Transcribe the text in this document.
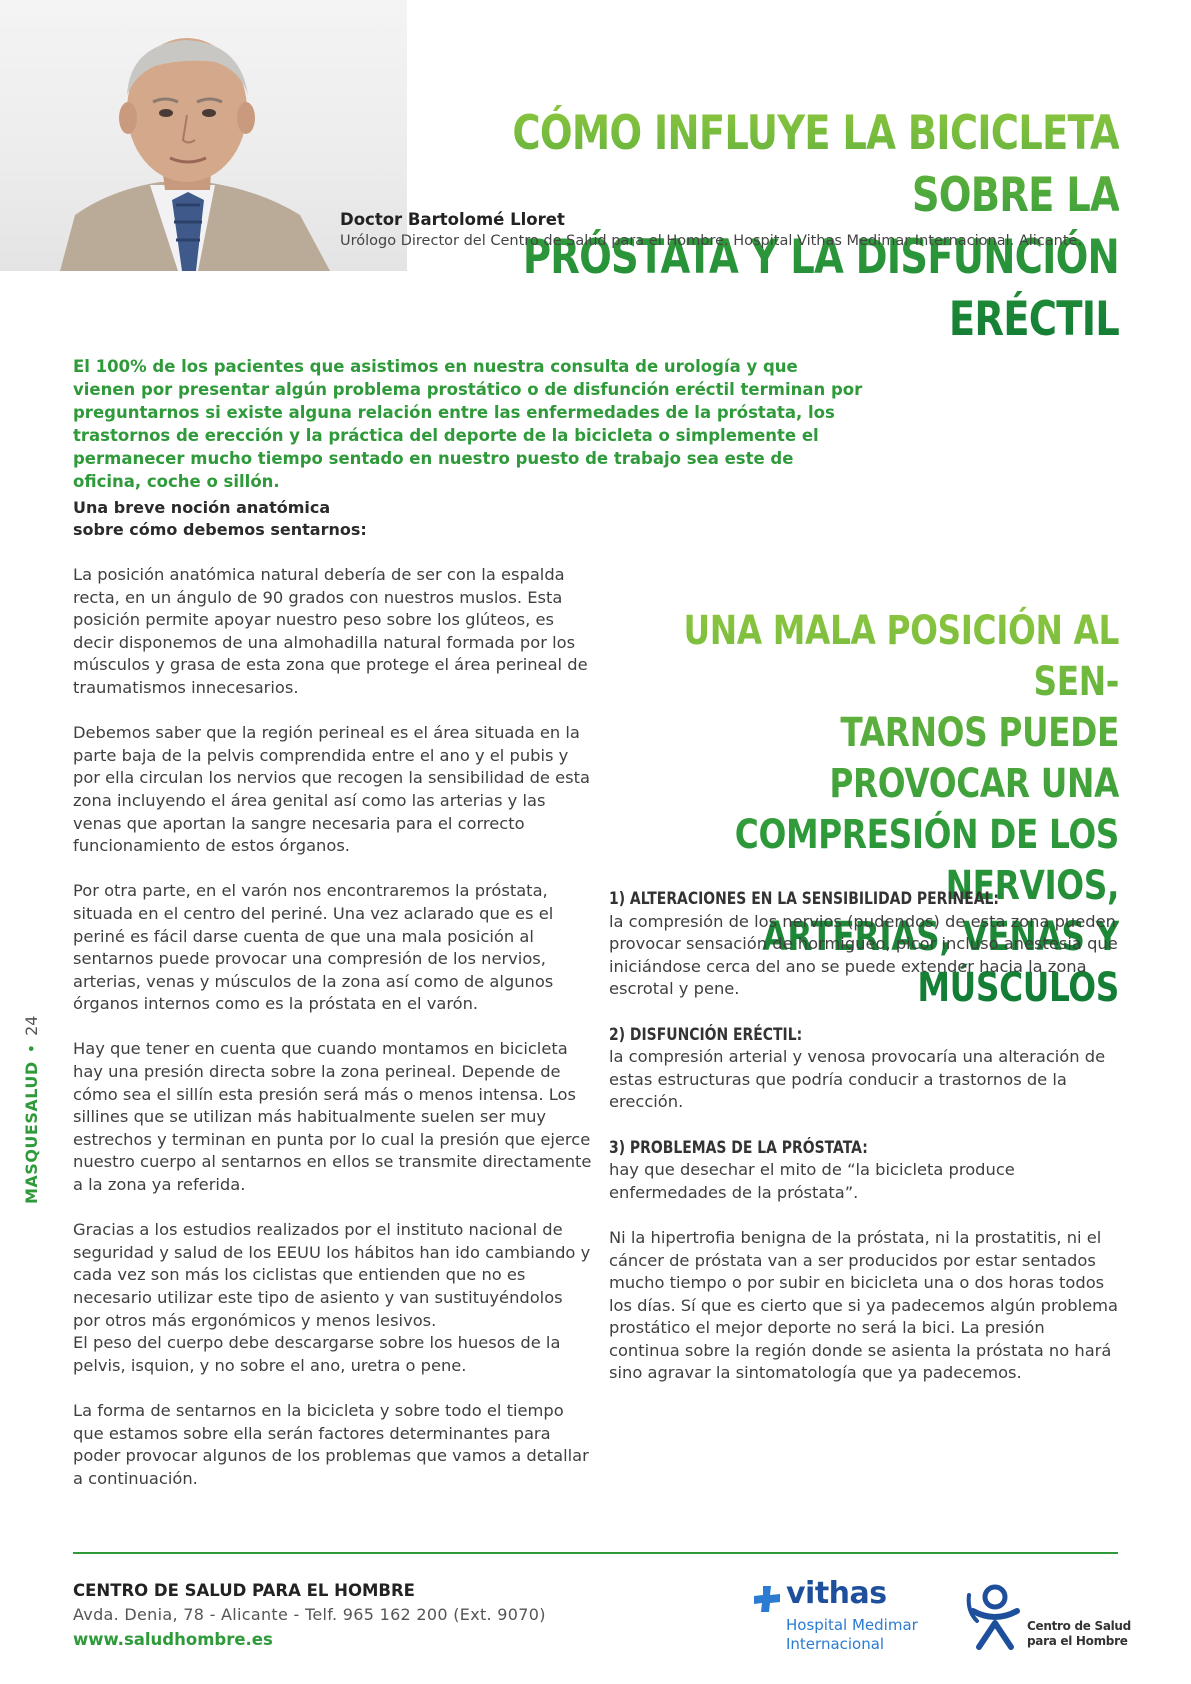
CÓMO INFLUYE LA BICICLETA SOBRE LA
PRÓSTATA Y LA DISFUNCIÓN ERÉCTIL
Doctor Bartolomé Lloret
Urólogo Director del Centro de Salud para el Hombre. Hospital Vithas Medimar Internacional. Alicante.

El 100% de los pacientes que asistimos en nuestra consulta de urología y que vienen por presentar algún problema prostático o de disfunción eréctil terminan por preguntarnos si existe alguna relación entre las enfermedades de la próstata, los trastornos de erección y la práctica del deporte de la bicicleta o simplemente el permanecer mucho tiempo sentado en nuestro puesto de trabajo sea este de oficina, coche o sillón.

Una breve noción anatómica
sobre cómo debemos sentarnos:

La posición anatómica natural debería de ser con la espalda recta, en un ángulo de 90 grados con nuestros muslos. Esta posición permite apoyar nuestro peso sobre los glúteos, es decir disponemos de una almohadilla natural formada por los músculos y grasa de esta zona que protege el área perineal de traumatismos innecesarios.

Debemos saber que la región perineal es el área situada en la parte baja de la pelvis comprendida entre el ano y el pubis y por ella circulan los nervios que recogen la sensibilidad de esta zona incluyendo el área genital así como las arterias y las venas que aportan la sangre necesaria para el correcto funcionamiento de estos órganos.

Por otra parte, en el varón nos encontraremos la próstata, situada en el centro del periné. Una vez aclarado que es el periné es fácil darse cuenta de que una mala posición al sentarnos puede provocar una compresión de los nervios, arterias, venas y músculos de la zona así como de algunos órganos internos como es la próstata en el varón.

Hay que tener en cuenta que cuando montamos en bicicleta hay una presión directa sobre la zona perineal. Depende de cómo sea el sillín esta presión será más o menos intensa. Los sillines que se utilizan más habitualmente suelen ser muy estrechos y terminan en punta por lo cual la presión que ejerce nuestro cuerpo al sentarnos en ellos se transmite directamente a la zona ya referida.

Gracias a los estudios realizados por el instituto nacional de seguridad y salud de los EEUU los hábitos han ido cambiando y cada vez son más los ciclistas que entienden que no es necesario utilizar este tipo de asiento y van sustituyéndolos por otros más ergonómicos y menos lesivos.

El peso del cuerpo debe descargarse sobre los huesos de la pelvis, isquion, y no sobre el ano, uretra o pene.

La forma de sentarnos en la bicicleta y sobre todo el tiempo que estamos sobre ella serán factores determinantes para poder provocar algunos de los problemas que vamos a detallar a continuación.

UNA MALA POSICIÓN AL SEN-
TARNOS PUEDE PROVOCAR UNA
COMPRESIÓN DE LOS NERVIOS,
ARTERIAS, VENAS Y MÚSCULOS
1) ALTERACIONES EN LA SENSIBILIDAD PERINEAL:

la compresión de los nervios (pudendos) de esta zona pueden provocar sensación de hormigueo, picor incluso anestesia que iniciándose cerca del ano se puede extender hacia la zona escrotal y pene.

2) DISFUNCIÓN ERÉCTIL:

la compresión arterial y venosa provocaría una alteración de estas estructuras que podría conducir a trastornos de la erección.

3) PROBLEMAS DE LA PRÓSTATA:

hay que desechar el mito de “la bicicleta produce enfermedades de la próstata”.

Ni la hipertrofia benigna de la próstata, ni la prostatitis, ni el cáncer de próstata van a ser producidos por estar sentados mucho tiempo o por subir en bicicleta una o dos horas todos los días. Sí que es cierto que si ya padecemos algún problema prostático el mejor deporte no será la bici. La presión continua sobre la región donde se asienta la próstata no hará sino agravar la sintomatología que ya padecemos.

MASQUESALUD•24
CENTRO DE SALUD PARA EL HOMBRE
Avda. Denia, 78 - Alicante - Telf. 965 162 200 (Ext. 9070)
www.saludhombre.es
vithas
Hospital Medimar
Internacional
Centro de Salud
para el Hombre
